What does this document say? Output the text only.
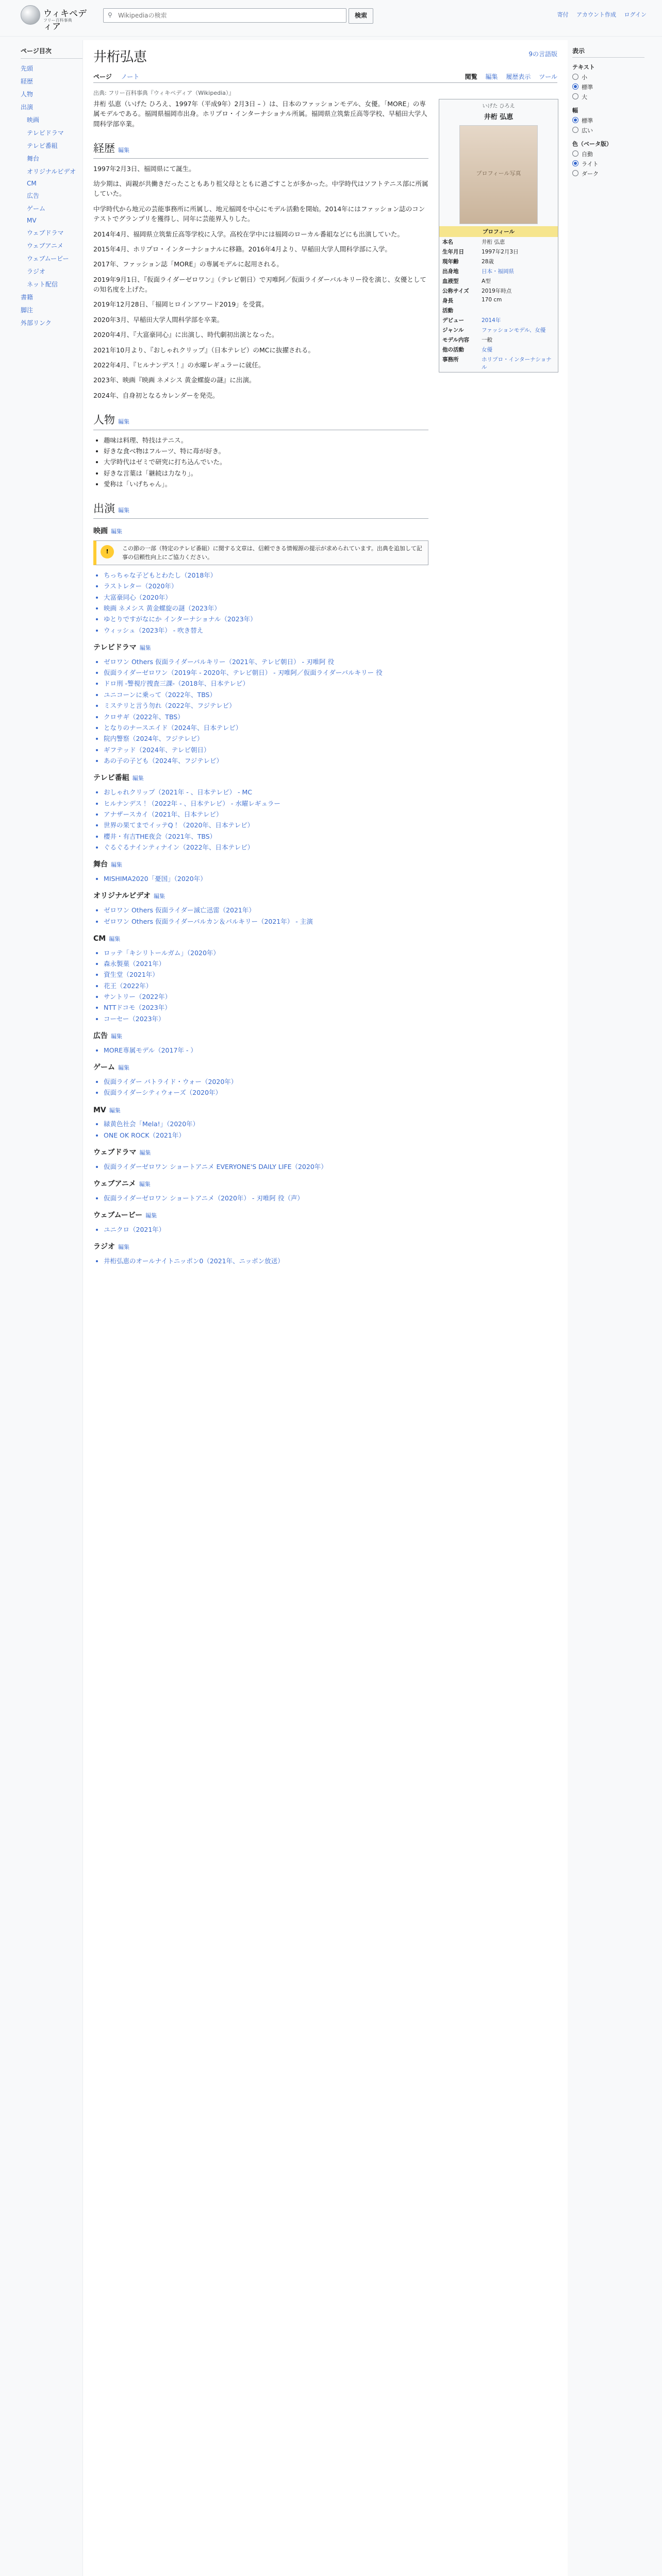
ウィキペディア
フリー百科事典
⚲
Wikipediaの検索	検索	寄付 アカウント作成 ログイン
ページ目次
先頭
経歴
人物
出演
映画
テレビドラマ
テレビ番組
舞台
オリジナルビデオ
CM
広告
ゲーム
MV
ウェブドラマ
ウェブアニメ
ウェブムービー
ラジオ
ネット配信
書籍
脚注
外部リンク
井桁弘恵	9の言語版
ページ ノート	閲覧 編集 履歴表示 ツール
出典: フリー百科事典『ウィキペディア（Wikipedia）』

井桁 弘恵（いげた ひろえ、1997年（平成9年）2月3日 – ）は、日本のファッションモデル、女優。「MORE」の専属モデルである。福岡県福岡市出身。ホリプロ・インターナショナル所属。福岡県立筑紫丘高等学校、早稲田大学人間科学部卒業。

経歴 編集

1997年2月3日、福岡県にて誕生。

幼少期は、両親が共働きだったこともあり祖父母とともに過ごすことが多かった。中学時代はソフトテニス部に所属していた。

中学時代から地元の芸能事務所に所属し、地元福岡を中心にモデル活動を開始。2014年にはファッション誌のコンテストでグランプリを獲得し、同年に芸能界入りした。

2014年4月、福岡県立筑紫丘高等学校に入学。高校在学中には福岡のローカル番組などにも出演していた。

2015年4月、ホリプロ・インターナショナルに移籍。2016年4月より、早稲田大学人間科学部に入学。

2017年、ファッション誌「MORE」の専属モデルに起用される。

2019年9月1日、『仮面ライダーゼロワン』（テレビ朝日）で刃唯阿／仮面ライダーバルキリー役を演じ、女優としての知名度を上げた。

2019年12月28日、「福岡ヒロインアワード2019」を受賞。

2020年3月、早稲田大学人間科学部を卒業。

2020年4月、『大富豪同心』に出演し、時代劇初出演となった。

2021年10月より、『おしゃれクリップ』（日本テレビ）のMCに抜擢される。

2022年4月、『ヒルナンデス！』の水曜レギュラーに就任。

2023年、映画『映画 ネメシス 黄金螺旋の謎』に出演。

2024年、自身初となるカレンダーを発売。

人物 編集
• 趣味は料理、特技はテニス。
• 好きな食べ物はフルーツ、特に苺が好き。
• 大学時代はゼミで研究に打ち込んでいた。
• 好きな言葉は「継続は力なり」。
• 愛称は「いげちゃん」。
出演 編集
映画 編集
!	この節の一部（特定のテレビ番組）に関する文章は、信頼できる情報源の提示が求められています。出典を追加して記事の信頼性向上にご協力ください。
• ちっちゃな子どもとわたし（2018年）
• ラストレター（2020年）
• 大富豪同心（2020年）
• 映画 ネメシス 黄金螺旋の謎（2023年）
• ゆとりですがなにか インターナショナル（2023年）
• ウィッシュ（2023年） - 吹き替え
テレビドラマ 編集
• ゼロワン Others 仮面ライダーバルキリー（2021年、テレビ朝日） - 刃唯阿 役
• 仮面ライダーゼロワン（2019年 - 2020年、テレビ朝日） - 刃唯阿／仮面ライダーバルキリー 役
• ドロ刑 -警視庁捜査三課-（2018年、日本テレビ）
• ユニコーンに乗って（2022年、TBS）
• ミステリと言う勿れ（2022年、フジテレビ）
• クロサギ（2022年、TBS）
• となりのナースエイド（2024年、日本テレビ）
• 院内警察（2024年、フジテレビ）
• ギフテッド（2024年、テレビ朝日）
• あの子の子ども（2024年、フジテレビ）
テレビ番組 編集
• おしゃれクリップ（2021年 - 、日本テレビ） - MC
• ヒルナンデス！（2022年 - 、日本テレビ） - 水曜レギュラー
• アナザースカイ（2021年、日本テレビ）
• 世界の果てまでイッテQ！（2020年、日本テレビ）
• 櫻井・有吉THE夜会（2021年、TBS）
• ぐるぐるナインティナイン（2022年、日本テレビ）
舞台 編集
• MISHIMA2020「憂国」（2020年）
オリジナルビデオ 編集
• ゼロワン Others 仮面ライダー滅亡迅雷（2021年）
• ゼロワン Others 仮面ライダーバルカン＆バルキリー（2021年） - 主演
CM 編集
• ロッテ「キシリトールガム」（2020年）
• 森永製菓（2021年）
• 資生堂（2021年）
• 花王（2022年）
• サントリー（2022年）
• NTTドコモ（2023年）
• コーセー（2023年）
広告 編集
• MORE専属モデル（2017年 - ）
ゲーム 編集
• 仮面ライダー バトライド・ウォー（2020年）
• 仮面ライダーシティウォーズ（2020年）
MV 編集
• 緑黄色社会「Mela!」（2020年）
• ONE OK ROCK（2021年）
ウェブドラマ 編集
• 仮面ライダーゼロワン ショートアニメ EVERYONE'S DAILY LIFE（2020年）
ウェブアニメ 編集
• 仮面ライダーゼロワン ショートアニメ（2020年） - 刃唯阿 役（声）
ウェブムービー 編集
• ユニクロ（2021年）
ラジオ 編集
• 井桁弘恵のオールナイトニッポン0（2021年、ニッポン放送）
いげた ひろえ
井桁 弘恵
プロフィール写真
プロフィール
本名	井桁 弘恵
生年月日	1997年2月3日
現年齢	28歳
出身地	日本・福岡県
血液型	A型
公称サイズ	2019年時点
身長	170 cm
活動	
デビュー	2014年
ジャンル	ファッションモデル、女優
モデル内容	一般
他の活動	女優
事務所	ホリプロ・インターナショナル
表示
テキスト
小
標準
大
幅
標準
広い
色（ベータ版）
自動
ライト
ダーク
